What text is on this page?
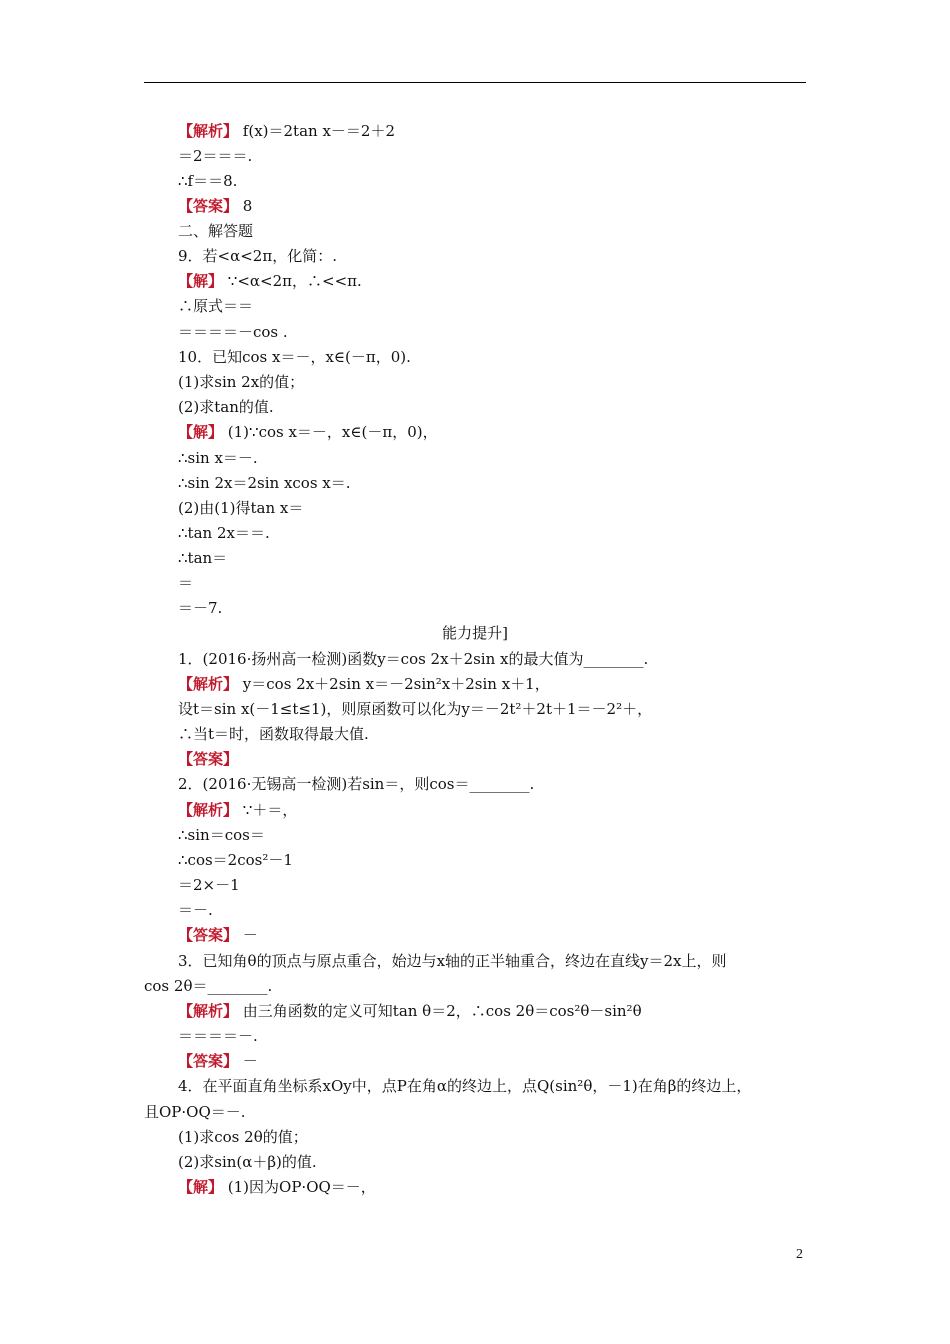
【解析】 f(x)＝2tan x－＝2＋2
＝2＝＝＝.
∴f＝＝8.
【答案】 8
二、解答题
9．若<α<2π，化简：.
【解】 ∵<α<2π，∴<<π.
∴原式＝＝
＝＝＝＝－cos .
10．已知cos x＝－，x∈(－π，0).
(1)求sin 2x的值；
(2)求tan的值.
【解】 (1)∵cos x＝－，x∈(－π，0)，
∴sin x＝－.
∴sin 2x＝2sin xcos x＝.
(2)由(1)得tan x＝
∴tan 2x＝＝.
∴tan＝
＝
＝－7.
能力提升]
1．(2016·扬州高一检测)函数y＝cos 2x＋2sin x的最大值为________.
【解析】 y＝cos 2x＋2sin x＝－2sin²x＋2sin x＋1，
设t＝sin x(－1≤t≤1)，则原函数可以化为y＝－2t²＋2t＋1＝－2²＋，
∴当t＝时，函数取得最大值.
【答案】
2．(2016·无锡高一检测)若sin＝，则cos＝________.
【解析】 ∵＋＝，
∴sin＝cos＝
∴cos＝2cos²－1
＝2×－1
＝－.
【答案】 －
3．已知角θ的顶点与原点重合，始边与x轴的正半轴重合，终边在直线y＝2x上，则
cos 2θ＝________.
【解析】 由三角函数的定义可知tan θ＝2，∴cos 2θ＝cos²θ－sin²θ
＝＝＝＝－.
【答案】 －
4．在平面直角坐标系xOy中，点P在角α的终边上，点Q(sin²θ，－1)在角β的终边上，
且OP·OQ＝－.
(1)求cos 2θ的值；
(2)求sin(α＋β)的值.
【解】 (1)因为OP·OQ＝－，
2
